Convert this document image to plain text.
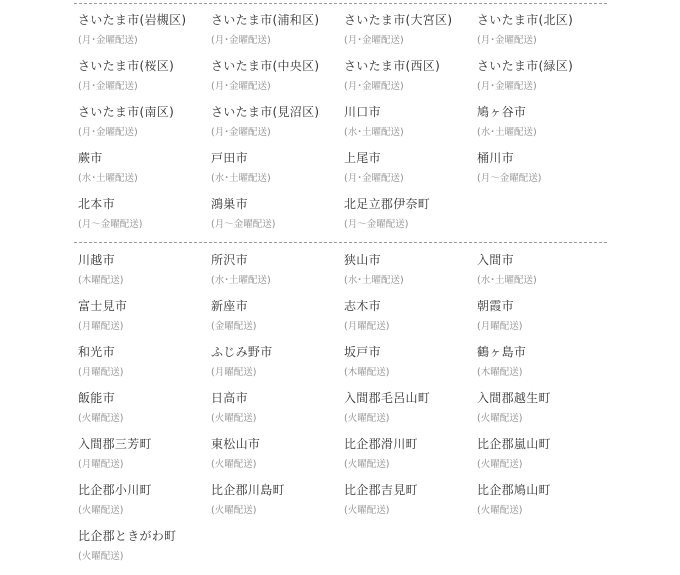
さいたま市(岩槻区)
(月･金曜配送)
さいたま市(浦和区)
(月･金曜配送)
さいたま市(大宮区)
(月･金曜配送)
さいたま市(北区)
(月･金曜配送)
さいたま市(桜区)
(月･金曜配送)
さいたま市(中央区)
(月･金曜配送)
さいたま市(西区)
(月･金曜配送)
さいたま市(緑区)
(月･金曜配送)
さいたま市(南区)
(月･金曜配送)
さいたま市(見沼区)
(月･金曜配送)
川口市
(水･土曜配送)
鳩ヶ谷市
(水･土曜配送)
蕨市
(水･土曜配送)
戸田市
(水･土曜配送)
上尾市
(月･金曜配送)
桶川市
(月～金曜配送)
北本市
(月～金曜配送)
鴻巣市
(月～金曜配送)
北足立郡伊奈町
(月～金曜配送)
川越市
(木曜配送)
所沢市
(水･土曜配送)
狭山市
(水･土曜配送)
入間市
(水･土曜配送)
富士見市
(月曜配送)
新座市
(金曜配送)
志木市
(月曜配送)
朝霞市
(月曜配送)
和光市
(月曜配送)
ふじみ野市
(月曜配送)
坂戸市
(木曜配送)
鶴ヶ島市
(木曜配送)
飯能市
(火曜配送)
日高市
(火曜配送)
入間郡毛呂山町
(火曜配送)
入間郡越生町
(火曜配送)
入間郡三芳町
(月曜配送)
東松山市
(火曜配送)
比企郡滑川町
(火曜配送)
比企郡嵐山町
(火曜配送)
比企郡小川町
(火曜配送)
比企郡川島町
(火曜配送)
比企郡吉見町
(火曜配送)
比企郡鳩山町
(火曜配送)
比企郡ときがわ町
(火曜配送)
